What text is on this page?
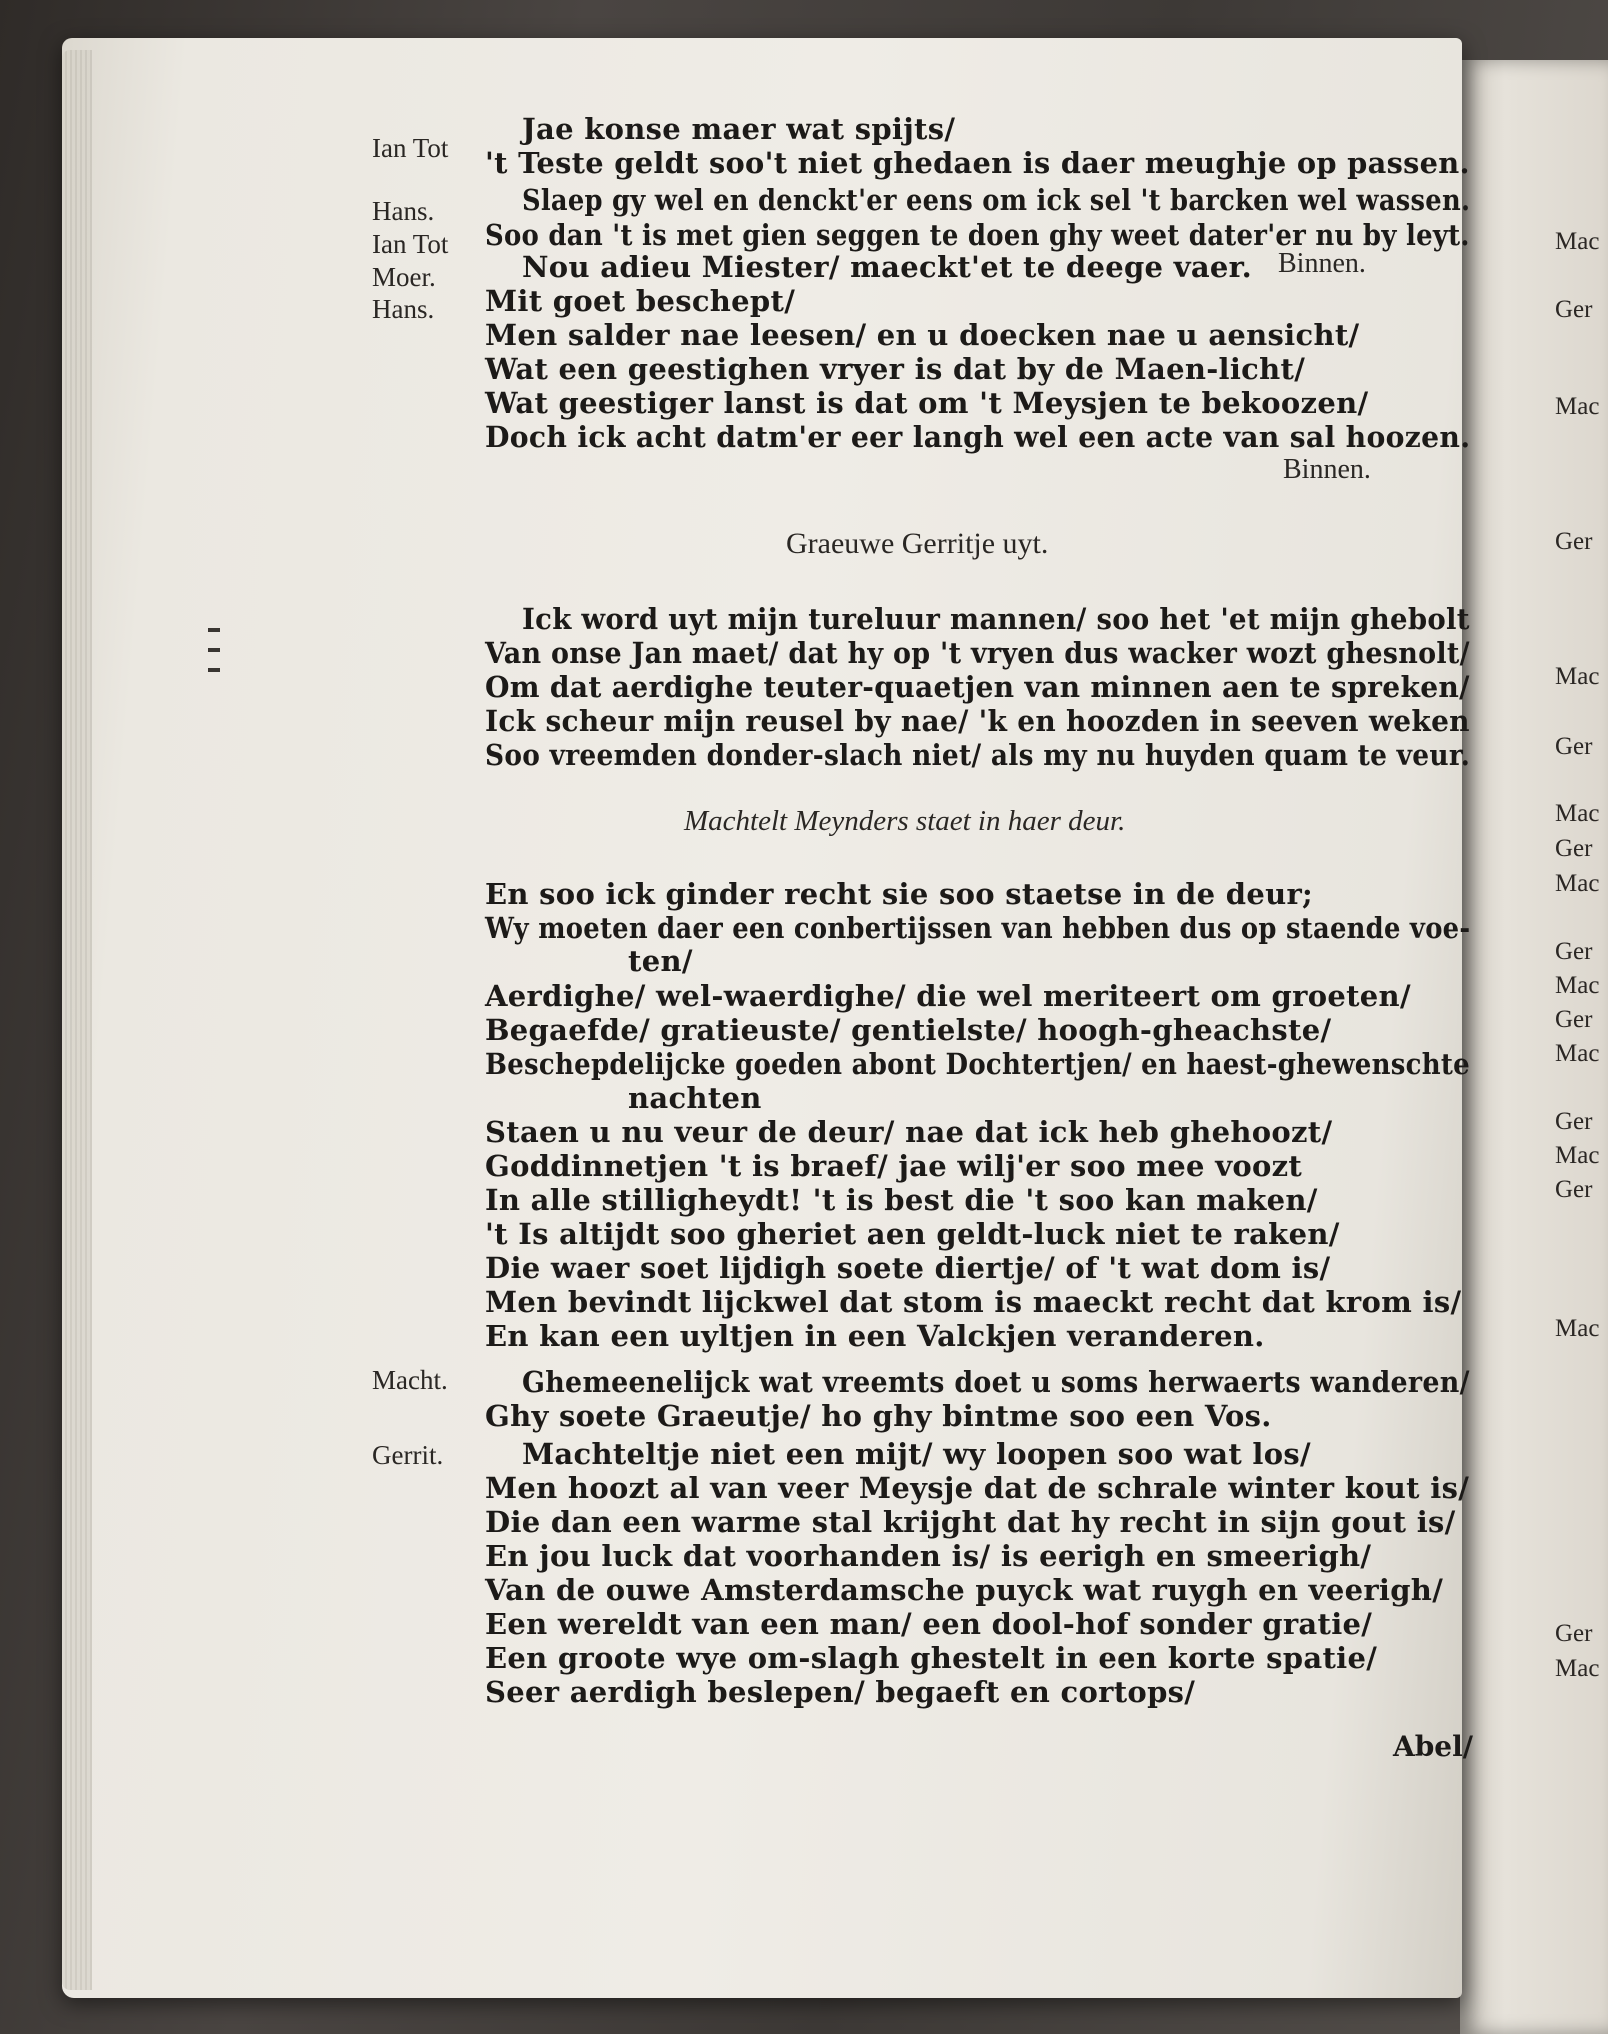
Mac
Ger
Mac
Ger
Mac
Ger
Mac
Ger
Mac
Ger
Mac
Ger
Mac
Ger
Mac
Ger
Mac
Ger
Mac
Ian Tot
Hans.
Ian Tot
Moer.
Hans.
Macht.
Gerrit.
Jae konse maer wat spijts/
't Teste geldt soo't niet ghedaen is daer meughje op passen.
Slaep gy wel en denckt'er eens om ick sel 't barcken wel wassen.
Soo dan 't is met gien seggen te doen ghy weet dater'er nu by leyt.
Nou adieu Miester/ maeckt'et te deege vaer. Binnen.
Mit goet beschept/
Men salder nae leesen/ en u doecken nae u aensicht/
Wat een geestighen vryer is dat by de Maen-licht/
Wat geestiger lanst is dat om 't Meysjen te bekoozen/
Doch ick acht datm'er eer langh wel een acte van sal hoozen.
Binnen.
Graeuwe Gerritje uyt.
Ick word uyt mijn tureluur mannen/ soo het 'et mijn ghebolt
Van onse Jan maet/ dat hy op 't vryen dus wacker wozt ghesnolt/
Om dat aerdighe teuter-quaetjen van minnen aen te spreken/
Ick scheur mijn reusel by nae/ 'k en hoozden in seeven weken
Soo vreemden donder-slach niet/ als my nu huyden quam te veur.
Machtelt Meynders staet in haer deur.
En soo ick ginder recht sie soo staetse in de deur;
Wy moeten daer een conbertijssen van hebben dus op staende voe-
ten/
Aerdighe/ wel-waerdighe/ die wel meriteert om groeten/
Begaefde/ gratieuste/ gentielste/ hoogh-gheachste/
Beschepdelijcke goeden abont Dochtertjen/ en haest-ghewenschte
nachten
Staen u nu veur de deur/ nae dat ick heb ghehoozt/
Goddinnetjen 't is braef/ jae wilj'er soo mee voozt
In alle stilligheydt! 't is best die 't soo kan maken/
't Is altijdt soo gheriet aen geldt-luck niet te raken/
Die waer soet lijdigh soete diertje/ of 't wat dom is/
Men bevindt lijckwel dat stom is maeckt recht dat krom is/
En kan een uyltjen in een Valckjen veranderen.
Ghemeenelijck wat vreemts doet u soms herwaerts wanderen/
Ghy soete Graeutje/ ho ghy bintme soo een Vos.
Machteltje niet een mijt/ wy loopen soo wat los/
Men hoozt al van veer Meysje dat de schrale winter kout is/
Die dan een warme stal krijght dat hy recht in sijn gout is/
En jou luck dat voorhanden is/ is eerigh en smeerigh/
Van de ouwe Amsterdamsche puyck wat ruygh en veerigh/
Een wereldt van een man/ een dool-hof sonder gratie/
Een groote wye om-slagh ghestelt in een korte spatie/
Seer aerdigh beslepen/ begaeft en cortops/
Abel/
